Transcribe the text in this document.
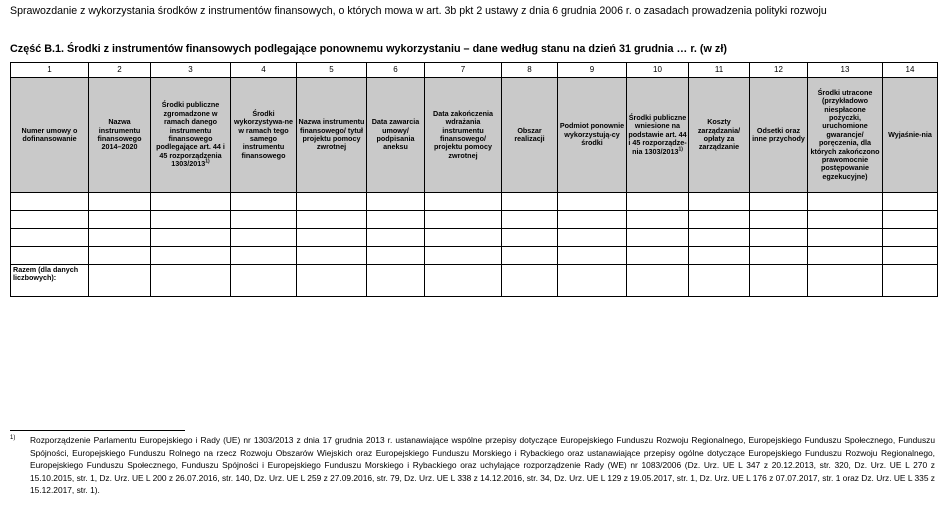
Sprawozdanie z wykorzystania środków z instrumentów finansowych, o których mowa w art. 3b pkt 2 ustawy z dnia 6 grudnia 2006 r. o zasadach prowadzenia polityki rozwoju
Część B.1. Środki z instrumentów finansowych podlegające ponownemu wykorzystaniu – dane według stanu na dzień 31 grudnia … r. (w zł)
1	2	3	4	5	6	7	8	9	10	11	12	13	14
Numer umowy o dofinansowanie	Nazwa instrumentu finansowego 2014–2020	Środki publiczne zgromadzone w ramach danego instrumentu finansowego podlegające art. 44 i 45 rozporządzenia 1303/2013$^{1)}$	Środki wykorzystywa-ne w ramach tego samego instrumentu finansowego	Nazwa instrumentu finansowego/ tytuł projektu pomocy zwrotnej	Data zawarcia umowy/ podpisania aneksu	Data zakończenia wdrażania instrumentu finansowego/ projektu pomocy zwrotnej	Obszar realizacji	Podmiot ponownie wykorzystują-cy środki	Środki publiczne wniesione na podstawie art. 44 i 45 rozporządze-nia 1303/2013$^{1)}$	Koszty zarządzania/ opłaty za zarządzanie	Odsetki oraz inne przychody	Środki utracone (przykładowo niespłacone pożyczki, uruchomione gwarancje/ poręczenia, dla których zakończono prawomocnie postępowanie egzekucyjne)	Wyjaśnie-nia

Razem (dla danych liczbowych):													
1) Rozporządzenie Parlamentu Europejskiego i Rady (UE) nr 1303/2013 z dnia 17 grudnia 2013 r. ustanawiające wspólne przepisy dotyczące Europejskiego Funduszu Rozwoju Regionalnego, Europejskiego Funduszu Społecznego, Funduszu Spójności, Europejskiego Funduszu Rolnego na rzecz Rozwoju Obszarów Wiejskich oraz Europejskiego Funduszu Morskiego i Rybackiego oraz ustanawiające przepisy ogólne dotyczące Europejskiego Funduszu Rozwoju Regionalnego, Europejskiego Funduszu Społecznego, Funduszu Spójności i Europejskiego Funduszu Morskiego i Rybackiego oraz uchylające rozporządzenie Rady (WE) nr 1083/2006 (Dz. Urz. UE L 347 z 20.12.2013, str. 320, Dz. Urz. UE L 270 z 15.10.2015, str. 1, Dz. Urz. UE L 200 z 26.07.2016, str. 140, Dz. Urz. UE L 259 z 27.09.2016, str. 79, Dz. Urz. UE L 338 z 14.12.2016, str. 34, Dz. Urz. UE L 129 z 19.05.2017, str. 1, Dz. Urz. UE L 176 z 07.07.2017, str. 1 oraz Dz. Urz. UE L 335 z 15.12.2017, str. 1).
